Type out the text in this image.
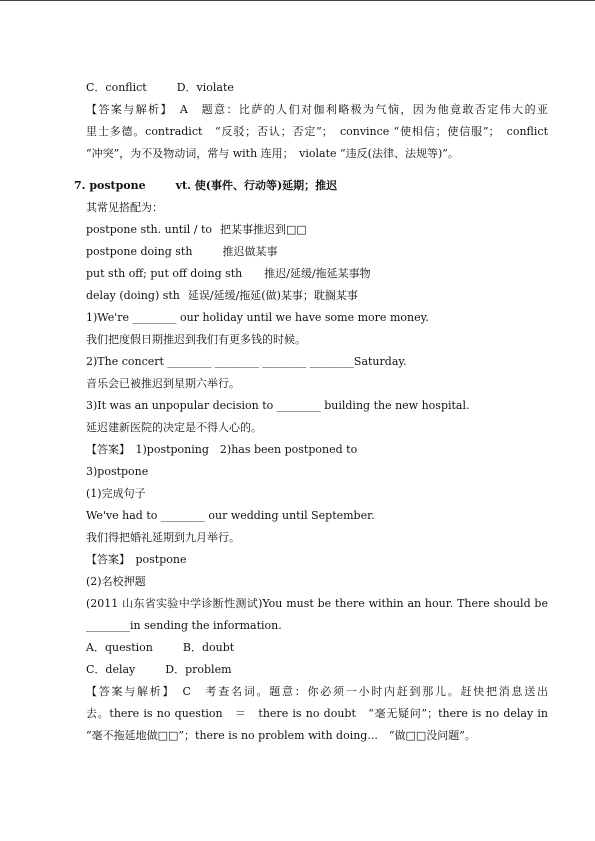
C．conflict	D．violate
【答案与解析】　A　题意：比萨的人们对伽利略极为气恼，因为他竟敢否定伟大的亚
里士多德。contradict　“反驳；否认；否定”；　convince “使相信；使信服”；　conflict
“冲突”，为不及物动词，常与 with 连用；　violate “违反(法律、法规等)”。
7. postpone	vt. 使(事件、行动等)延期；推迟
其常见搭配为：
postpone sth. until / to 把某事推迟到□□
postpone doing sth	推迟做某事
put sth off; put off doing sth 推迟/延缓/拖延某事物
delay (doing) sth 延误/延缓/拖延(做)某事；耽搁某事
1)We're ________ our holiday until we have some more money.
我们把度假日期推迟到我们有更多钱的时候。
2)The concert ________ ________ ________ ________Saturday.
音乐会已被推迟到星期六举行。
3)It was an unpopular decision to ________ building the new hospital.
延迟建新医院的决定是不得人心的。
【答案】　1)postponing　2)has been postponed to
3)postpone
(1)完成句子
We've had to ________ our wedding until September.
我们得把婚礼延期到九月举行。
【答案】　postpone
(2)名校押题
(2011 山东省实验中学诊断性测试)You must be there within an hour. There should be
________in sending the information.
A．question	B．doubt
C．delay	D．problem
【答案与解析】　C　考查名词。题意：你必须一小时内赶到那儿。赶快把消息送出
去。there is no question　＝　there is no doubt　“毫无疑问”；there is no delay in
“毫不拖延地做□□”；there is no problem with doing...　“做□□没问题”。
